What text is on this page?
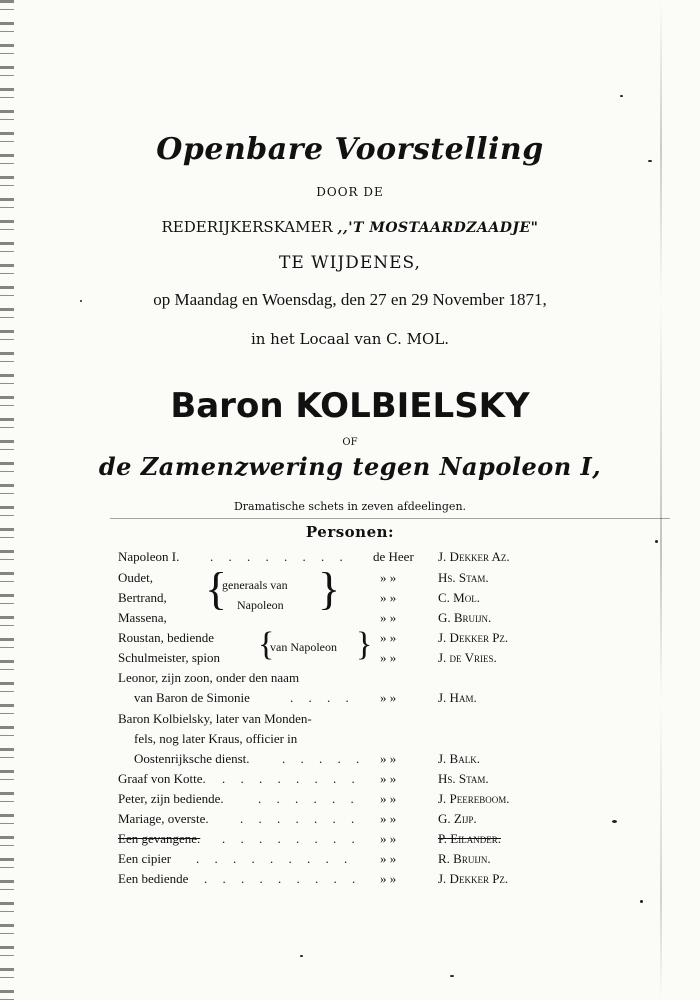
Openbare Voorstelling
DOOR DE
REDERIJKERSKAMER ,,'T MOSTAARDZAADJE"
TE WIJDENES,
op Maandag en Woensdag, den 27 en 29 November 1871,
in het Locaal van C. MOL.
Baron KOLBIELSKY
OF
de Zamenzwering tegen Napoleon I,
Dramatische schets in zeven afdeelingen.
Personen:
Napoleon I. . . . . . . . . de Heer J. Dekker Az.
Oudet,	» »	Hs. Stam.
Bertrand,	» »	C. Mol.
Massena,	» »	G. Bruijn.
{
generaals van
Napoleon }
Roustan, bediende	» »	J. Dekker Pz.
Schulmeister, spion	» »	J. de Vries.
{
van Napoleon }
Leonor, zijn zoon, onder den naam
van Baron de Simonie	. . . . » »	J. Ham.
Baron Kolbielsky, later van Monden-
fels, nog later Kraus, officier in
Oostenrijksche dienst. . . . . . » »	J. Balk.
Graaf von Kotte. . . . . . . . . » »	Hs. Stam.
Peter, zijn bediende.	. . . . . . » »	J. Peereboom.
Mariage, overste. . . . . . . . » »	G. Zijp.
Een gevangene. . . . . . . . . » »	P. Eilander.
Een cipier . . . . . . . . . » »	R. Bruijn.
Een bediende . . . . . . . . . » »	J. Dekker Pz.
